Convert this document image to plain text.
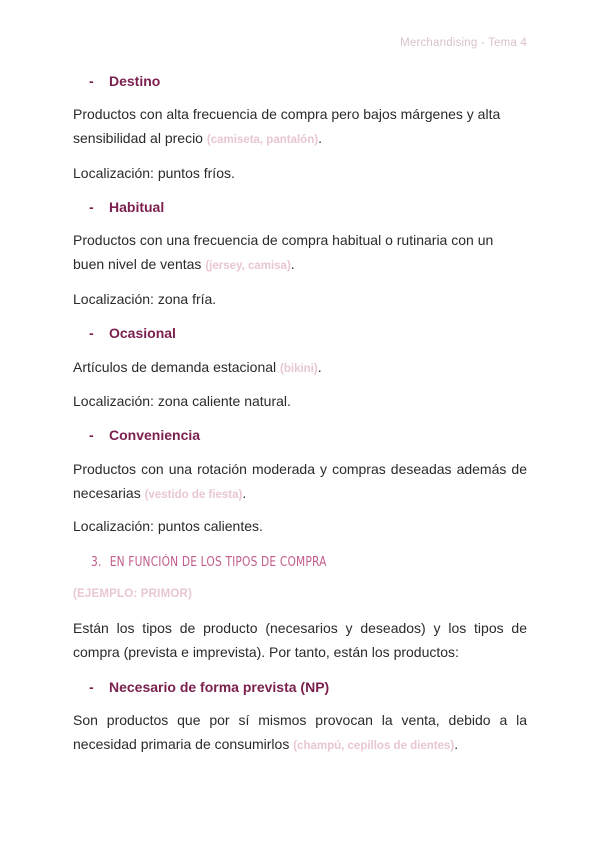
Merchandising - Tema 4
- Destino
Productos con alta frecuencia de compra pero bajos márgenes y alta sensibilidad al precio (camiseta, pantalón).
Localización: puntos fríos.
- Habitual
Productos con una frecuencia de compra habitual o rutinaria con un buen nivel de ventas (jersey, camisa).
Localización: zona fría.
- Ocasional
Artículos de demanda estacional (bikini).
Localización: zona caliente natural.
- Conveniencia
Productos con una rotación moderada y compras deseadas además de necesarias (vestido de fiesta).
Localización: puntos calientes.
3. EN FUNCIÓN DE LOS TIPOS DE COMPRA
(EJEMPLO: PRIMOR)
Están los tipos de producto (necesarios y deseados) y los tipos de compra (prevista e imprevista). Por tanto, están los productos:
- Necesario de forma prevista (NP)
Son productos que por sí mismos provocan la venta, debido a la necesidad primaria de consumirlos (champú, cepillos de dientes).
